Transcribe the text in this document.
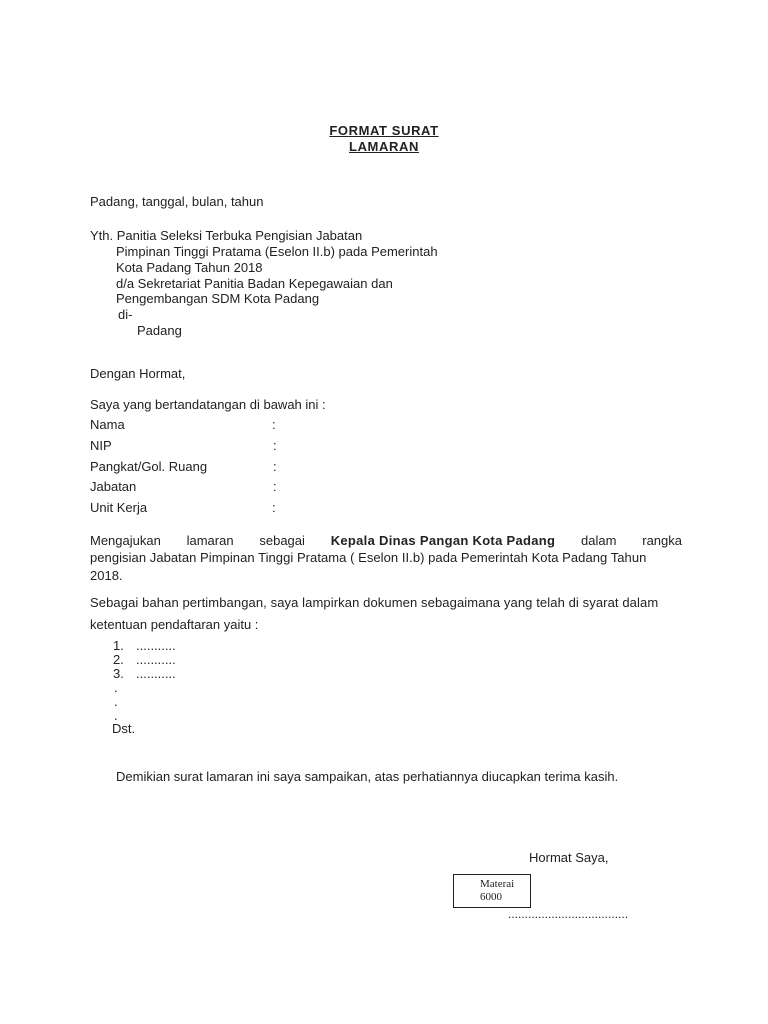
FORMAT SURAT
LAMARAN
Padang, tanggal, bulan, tahun
Yth. Panitia Seleksi Terbuka Pengisian Jabatan
Pimpinan Tinggi Pratama (Eselon II.b) pada Pemerintah
Kota Padang Tahun 2018
d/a Sekretariat Panitia Badan Kepegawaian dan
Pengembangan SDM Kota Padang
di-
Padang
Dengan Hormat,
Saya yang bertandatangan di bawah ini :
Nama	:
NIP	:
Pangkat/Gol. Ruang	:
Jabatan	:
Unit Kerja	:
Mengajukan lamaran sebagai Kepala Dinas Pangan Kota Padang dalam rangka
pengisian Jabatan Pimpinan Tinggi Pratama ( Eselon II.b) pada Pemerintah Kota Padang Tahun
2018.
Sebagai bahan pertimbangan, saya lampirkan dokumen sebagaimana yang telah di syarat dalam
ketentuan pendaftaran yaitu :
1. ...........
2. ...........
3. ...........
.
.
.
Dst.
Demikian surat lamaran ini saya sampaikan, atas perhatiannya diucapkan terima kasih.
Hormat Saya,
Materai
6000
....................................
